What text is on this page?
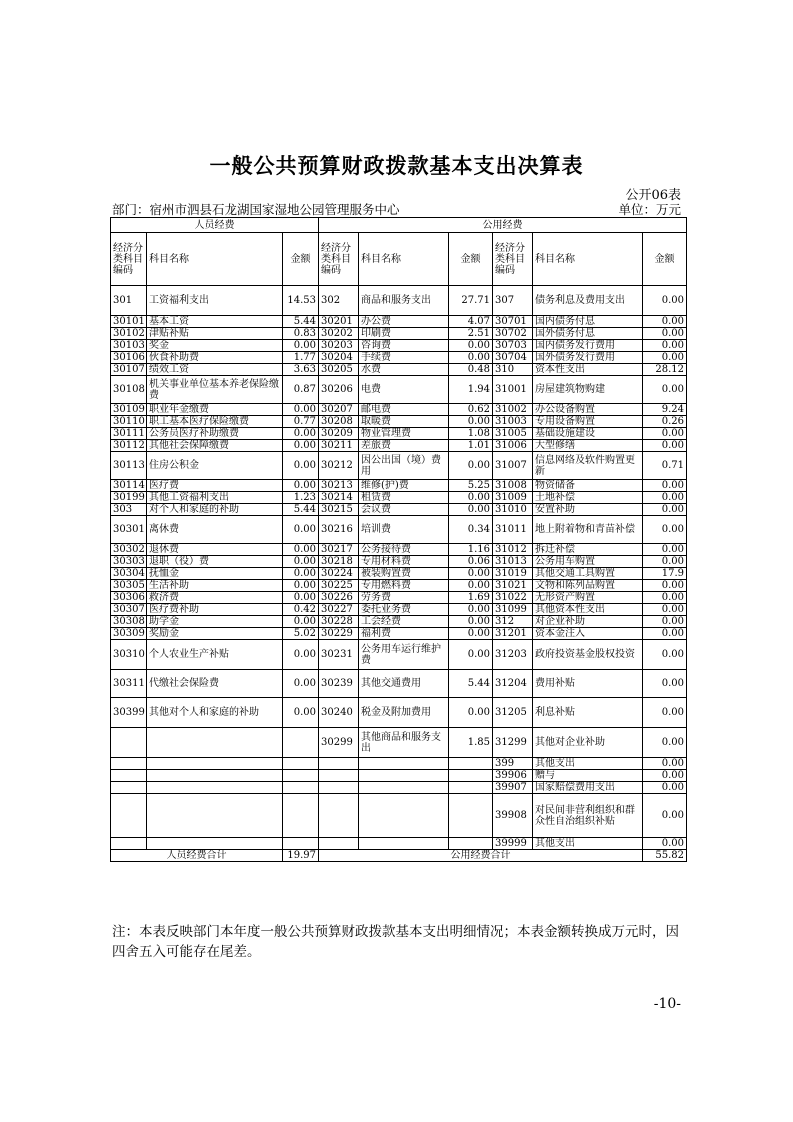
一般公共预算财政拨款基本支出决算表
公开06表
部门：宿州市泗县石龙湖国家湿地公园管理服务中心	单位：万元
人员经费			公用经费					
经济分类科目编码	科目名称	金额	经济分类科目编码	科目名称	金额	经济分类科目编码	科目名称	金额
301	工资福利支出	14.53	302	商品和服务支出	27.71	307	债务利息及费用支出	0.00
30101	基本工资	5.44	30201	办公费	4.07	30701	国内债务付息	0.00
30102	津贴补贴	0.83	30202	印刷费	2.51	30702	国外债务付息	0.00
30103	奖金	0.00	30203	咨询费	0.00	30703	国内债务发行费用	0.00
30106	伙食补助费	1.77	30204	手续费	0.00	30704	国外债务发行费用	0.00
30107	绩效工资	3.63	30205	水费	0.48	310	资本性支出	28.12
30108	机关事业单位基本养老保险缴费	0.87	30206	电费	1.94	31001	房屋建筑物购建	0.00
30109	职业年金缴费	0.00	30207	邮电费	0.62	31002	办公设备购置	9.24
30110	职工基本医疗保险缴费	0.77	30208	取暖费	0.00	31003	专用设备购置	0.26
30111	公务员医疗补助缴费	0.00	30209	物业管理费	1.08	31005	基础设施建设	0.00
30112	其他社会保障缴费	0.00	30211	差旅费	1.01	31006	大型修缮	0.00
30113	住房公积金	0.00	30212	因公出国（境）费用	0.00	31007	信息网络及软件购置更新	0.71
30114	医疗费	0.00	30213	维修(护)费	5.25	31008	物资储备	0.00
30199	其他工资福利支出	1.23	30214	租赁费	0.00	31009	土地补偿	0.00
303	对个人和家庭的补助	5.44	30215	会议费	0.00	31010	安置补助	0.00
30301	离休费	0.00	30216	培训费	0.34	31011	地上附着物和青苗补偿	0.00
30302	退休费	0.00	30217	公务接待费	1.16	31012	拆迁补偿	0.00
30303	退职（役）费	0.00	30218	专用材料费	0.06	31013	公务用车购置	0.00
30304	抚恤金	0.00	30224	被装购置费	0.00	31019	其他交通工具购置	17.9
30305	生活补助	0.00	30225	专用燃料费	0.00	31021	文物和陈列品购置	0.00
30306	救济费	0.00	30226	劳务费	1.69	31022	无形资产购置	0.00
30307	医疗费补助	0.42	30227	委托业务费	0.00	31099	其他资本性支出	0.00
30308	助学金	0.00	30228	工会经费	0.00	312	对企业补助	0.00
30309	奖励金	5.02	30229	福利费	0.00	31201	资本金注入	0.00
30310	个人农业生产补贴	0.00	30231	公务用车运行维护费	0.00	31203	政府投资基金股权投资	0.00
30311	代缴社会保险费	0.00	30239	其他交通费用	5.44	31204	费用补贴	0.00
30399	其他对个人和家庭的补助	0.00	30240	税金及附加费用	0.00	31205	利息补贴	0.00
			30299	其他商品和服务支出	1.85	31299	其他对企业补助	0.00
						399	其他支出	0.00
						39906	赠与	0.00
						39907	国家赔偿费用支出	0.00
						39908	对民间非营利组织和群众性自治组织补贴	0.00
						39999	其他支出	0.00
人员经费合计		19.97	公用经费合计					55.82
注：本表反映部门本年度一般公共预算财政拨款基本支出明细情况；本表金额转换成万元时，因四舍五入可能存在尾差。
-10-
